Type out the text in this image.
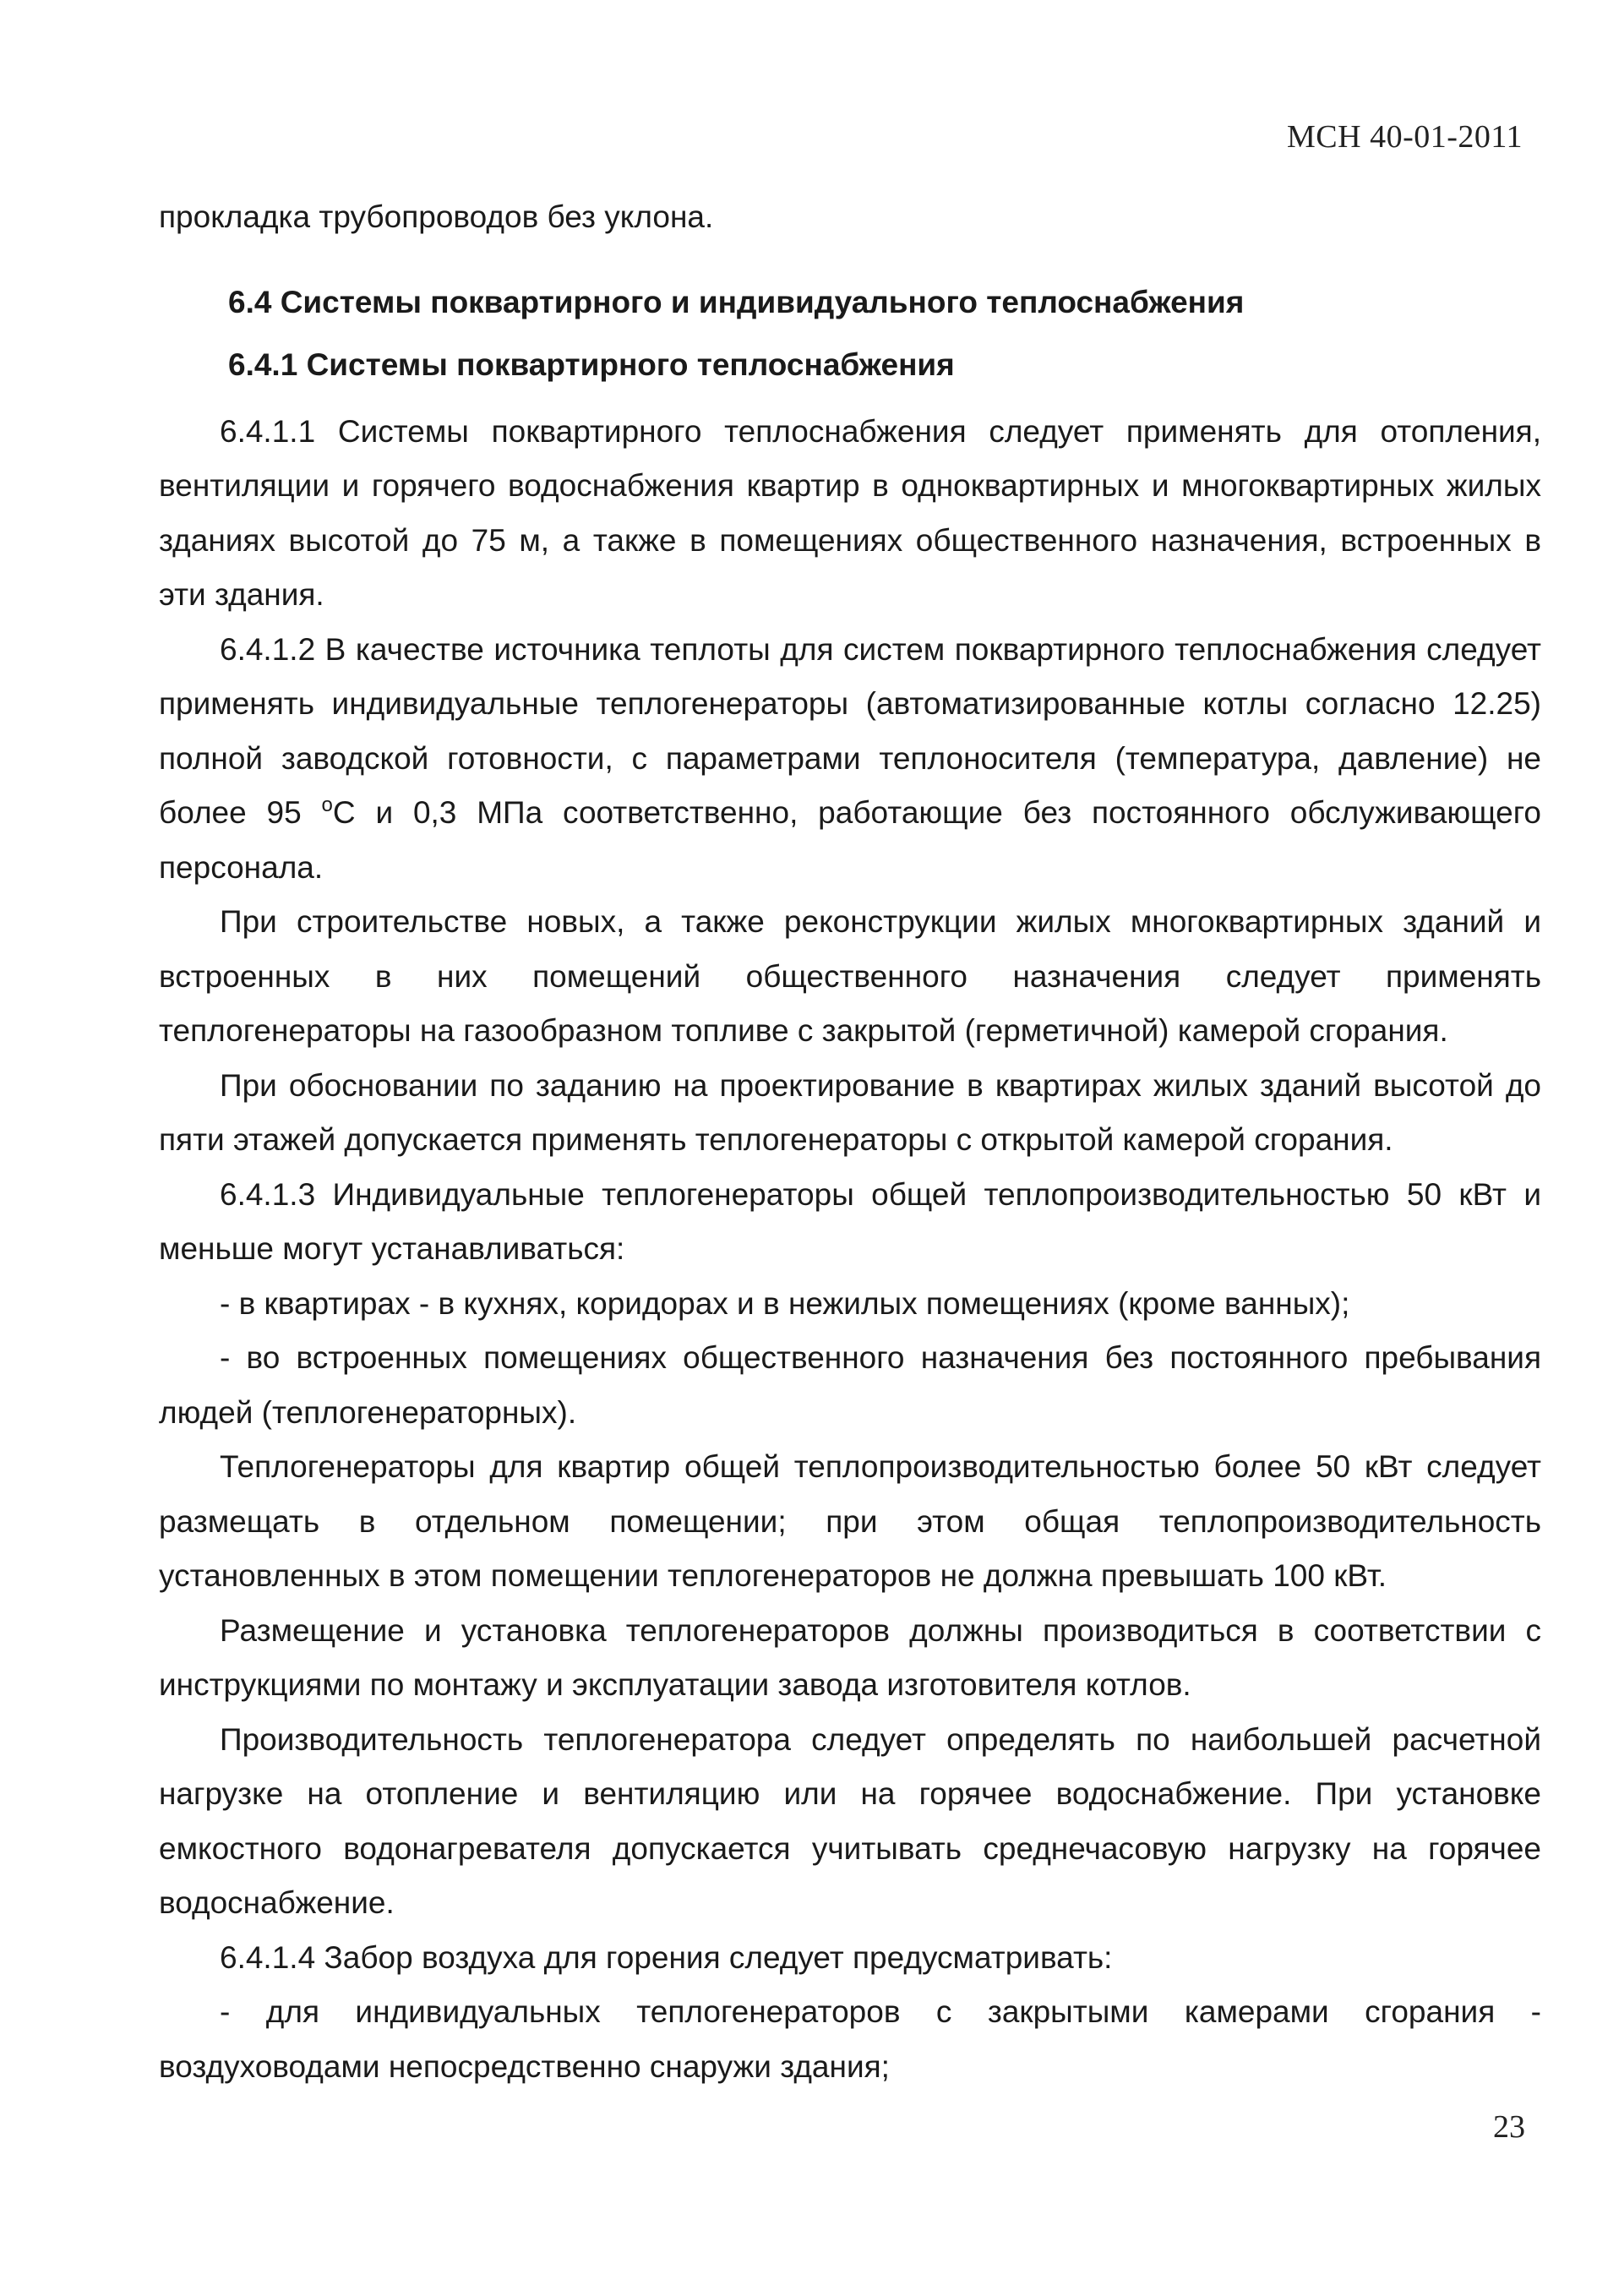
МСН 40-01-2011

прокладка трубопроводов без уклона.

6.4 Системы поквартирного и индивидуального теплоснабжения
6.4.1 Системы поквартирного теплоснабжения

6.4.1.1 Системы поквартирного теплоснабжения следует применять для отопления, вентиляции и горячего водоснабжения квартир в одноквартирных и многоквартирных жилых зданиях высотой до 75 м, а также в помещениях общественного назначения, встроенных в эти здания.

6.4.1.2 В качестве источника теплоты для систем поквартирного теплоснабжения следует применять индивидуальные теплогенераторы (автоматизированные котлы согласно 12.25) полной заводской готовности, с параметрами теплоносителя (температура, давление) не более 95 $^о$С и 0,3 МПа соответственно, работающие без постоянного обслуживающего персонала.

При строительстве новых, а также реконструкции жилых многоквартирных зданий и встроенных в них помещений общественного назначения следует применять теплогенераторы на газообразном топливе с закрытой (герметичной) камерой сгорания.

При обосновании по заданию на проектирование в квартирах жилых зданий высотой до пяти этажей допускается применять теплогенераторы с открытой камерой сгорания.

6.4.1.3 Индивидуальные теплогенераторы общей теплопроизводительностью 50 кВт и меньше могут устанавливаться:

- в квартирах - в кухнях, коридорах и в нежилых помещениях (кроме ванных);

- во встроенных помещениях общественного назначения без постоянного пребывания людей (теплогенераторных).

Теплогенераторы для квартир общей теплопроизводительностью более 50 кВт следует размещать в отдельном помещении; при этом общая теплопроизводительность установленных в этом помещении теплогенераторов не должна превышать 100 кВт.

Размещение и установка теплогенераторов должны производиться в соответствии с инструкциями по монтажу и эксплуатации завода изготовителя котлов.

Производительность теплогенератора следует определять по наибольшей расчетной нагрузке на отопление и вентиляцию или на горячее водоснабжение. При установке емкостного водонагревателя допускается учитывать среднечасовую нагрузку на горячее водоснабжение.

6.4.1.4 Забор воздуха для горения следует предусматривать:

- для индивидуальных теплогенераторов с закрытыми камерами сгорания - воздуховодами непосредственно снаружи здания;

23
